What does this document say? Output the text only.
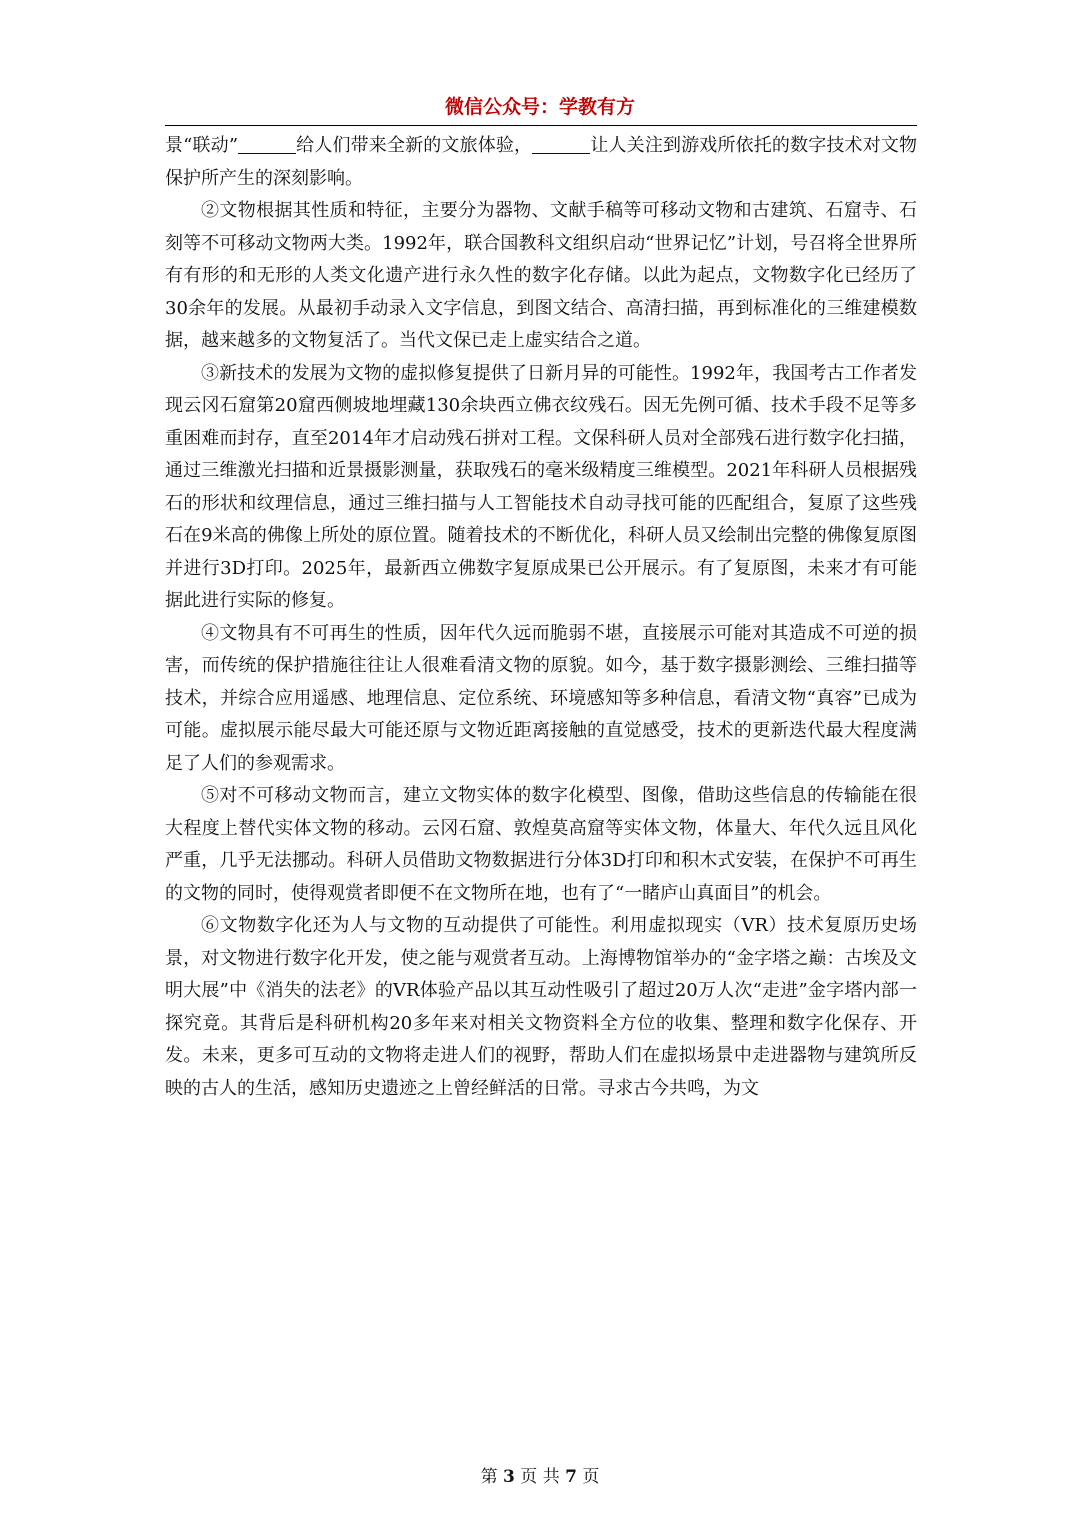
微信公众号：学教有方

景“联动”	给人们带来全新的文旅体验，	让人关注到游戏所依托的数字技术对文物保护所产生的深刻影响。

②文物根据其性质和特征，主要分为器物、文献手稿等可移动文物和古建筑、石窟寺、石刻等不可移动文物两大类。1992年，联合国教科文组织启动“世界记忆”计划，号召将全世界所有有形的和无形的人类文化遗产进行永久性的数字化存储。以此为起点，文物数字化已经历了30余年的发展。从最初手动录入文字信息，到图文结合、高清扫描，再到标准化的三维建模数据，越来越多的文物复活了。当代文保已走上虚实结合之道。

③新技术的发展为文物的虚拟修复提供了日新月异的可能性。1992年，我国考古工作者发现云冈石窟第20窟西侧坡地埋藏130余块西立佛衣纹残石。因无先例可循、技术手段不足等多重困难而封存，直至2014年才启动残石拼对工程。文保科研人员对全部残石进行数字化扫描，通过三维激光扫描和近景摄影测量，获取残石的毫米级精度三维模型。2021年科研人员根据残石的形状和纹理信息，通过三维扫描与人工智能技术自动寻找可能的匹配组合，复原了这些残石在9米高的佛像上所处的原位置。随着技术的不断优化，科研人员又绘制出完整的佛像复原图并进行3D打印。2025年，最新西立佛数字复原成果已公开展示。有了复原图，未来才有可能据此进行实际的修复。

④文物具有不可再生的性质，因年代久远而脆弱不堪，直接展示可能对其造成不可逆的损害，而传统的保护措施往往让人很难看清文物的原貌。如今，基于数字摄影测绘、三维扫描等技术，并综合应用遥感、地理信息、定位系统、环境感知等多种信息，看清文物“真容”已成为可能。虚拟展示能尽最大可能还原与文物近距离接触的直觉感受，技术的更新迭代最大程度满足了人们的参观需求。

⑤对不可移动文物而言，建立文物实体的数字化模型、图像，借助这些信息的传输能在很大程度上替代实体文物的移动。云冈石窟、敦煌莫高窟等实体文物，体量大、年代久远且风化严重，几乎无法挪动。科研人员借助文物数据进行分体3D打印和积木式安装，在保护不可再生的文物的同时，使得观赏者即便不在文物所在地，也有了“一睹庐山真面目”的机会。

⑥文物数字化还为人与文物的互动提供了可能性。利用虚拟现实（VR）技术复原历史场景，对文物进行数字化开发，使之能与观赏者互动。上海博物馆举办的“金字塔之巅：古埃及文明大展”中《消失的法老》的VR体验产品以其互动性吸引了超过20万人次“走进”金字塔内部一探究竟。其背后是科研机构20多年来对相关文物资料全方位的收集、整理和数字化保存、开发。未来，更多可互动的文物将走进人们的视野，帮助人们在虚拟场景中走进器物与建筑所反映的古人的生活，感知历史遗迹之上曾经鲜活的日常。寻求古今共鸣，为文

第 3 页 共 7 页
